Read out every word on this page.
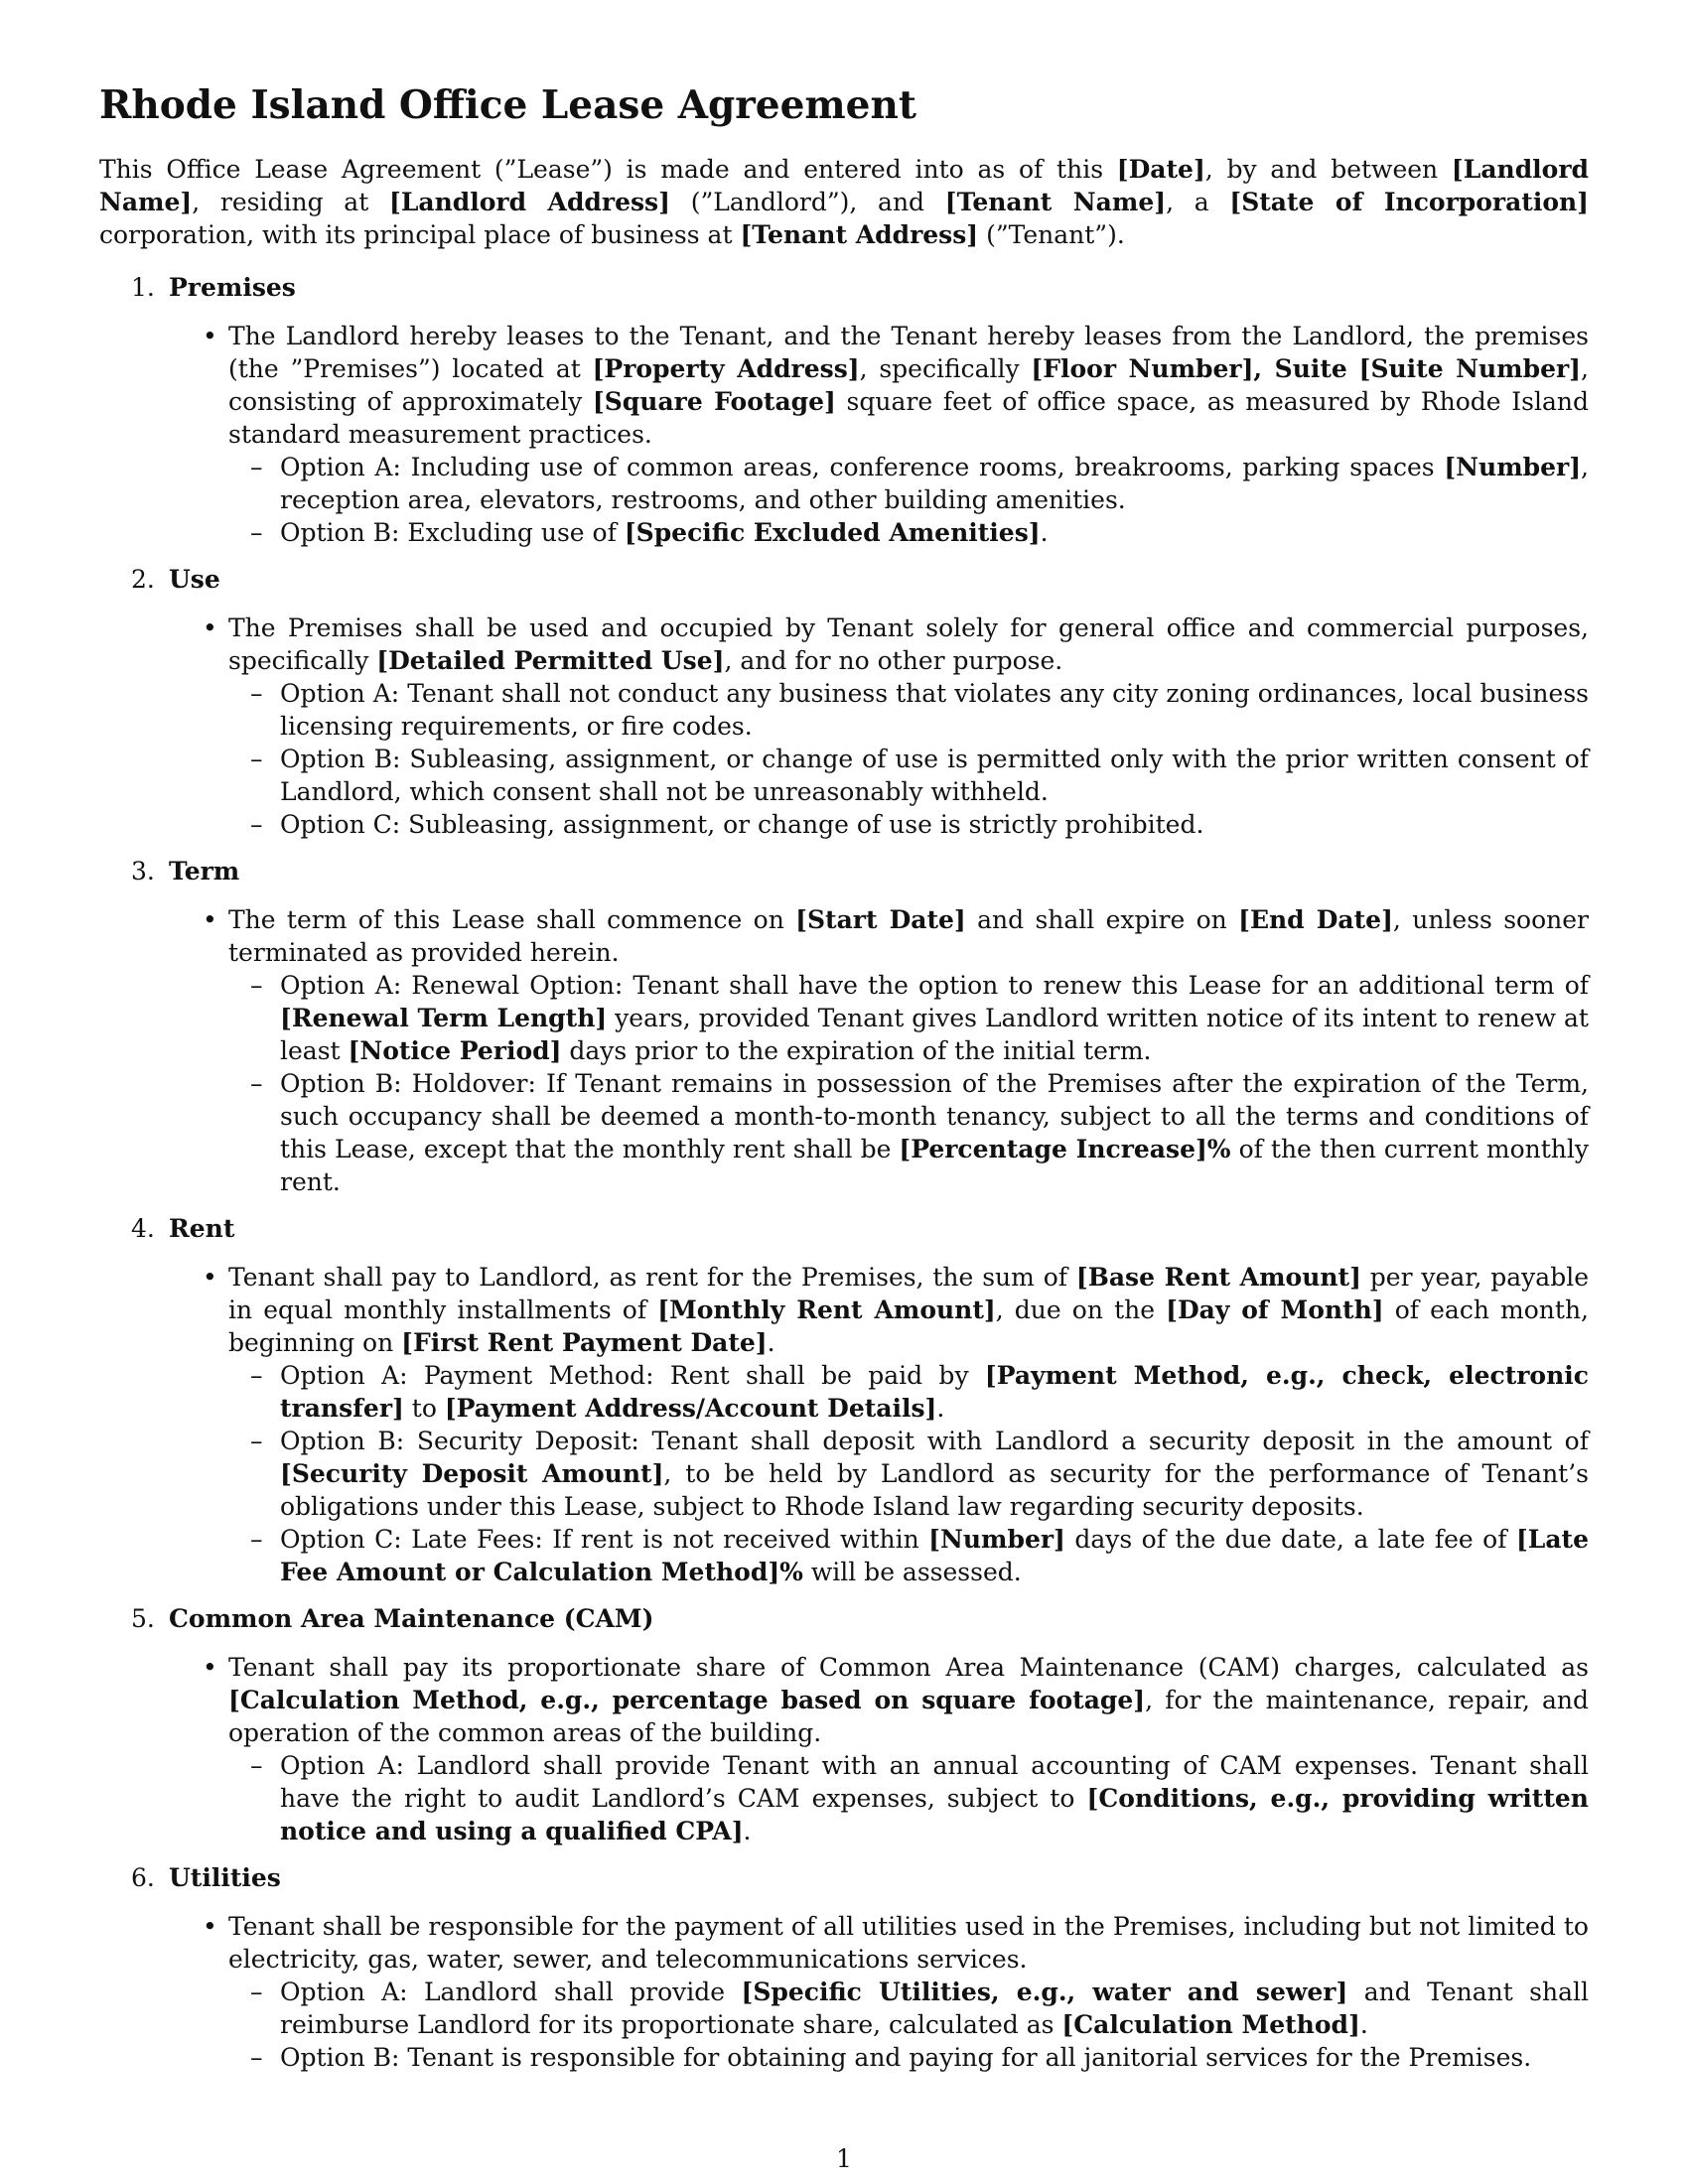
Rhode Island Office Lease Agreement

This Office Lease Agreement (”Lease”) is made and entered into as of this [Date], by and between [Landlord Name], residing at [Landlord Address] (”Landlord”), and [Tenant Name], a [State of Incorporation] corporation, with its principal place of business at [Tenant Address] (”Tenant”).

1. Premises
• The Landlord hereby leases to the Tenant, and the Tenant hereby leases from the Landlord, the premises (the ”Premises”) located at [Property Address], specifically [Floor Number], Suite [Suite Number], consisting of approximately [Square Footage] square feet of office space, as measured by Rhode Island standard measurement practices.
– Option A: Including use of common areas, conference rooms, breakrooms, parking spaces [Number], reception area, elevators, restrooms, and other building amenities.
– Option B: Excluding use of [Specific Excluded Amenities].
2. Use
• The Premises shall be used and occupied by Tenant solely for general office and commercial purposes, specifically [Detailed Permitted Use], and for no other purpose.
– Option A: Tenant shall not conduct any business that violates any city zoning ordinances, local business licensing requirements, or fire codes.
– Option B: Subleasing, assignment, or change of use is permitted only with the prior written consent of Landlord, which consent shall not be unreasonably withheld.
– Option C: Subleasing, assignment, or change of use is strictly prohibited.
3. Term
• The term of this Lease shall commence on [Start Date] and shall expire on [End Date], unless sooner terminated as provided herein.
– Option A: Renewal Option: Tenant shall have the option to renew this Lease for an additional term of [Renewal Term Length] years, provided Tenant gives Landlord written notice of its intent to renew at least [Notice Period] days prior to the expiration of the initial term.
– Option B: Holdover: If Tenant remains in possession of the Premises after the expiration of the Term, such occupancy shall be deemed a month-to-month tenancy, subject to all the terms and conditions of this Lease, except that the monthly rent shall be [Percentage Increase]% of the then current monthly rent.
4. Rent
• Tenant shall pay to Landlord, as rent for the Premises, the sum of [Base Rent Amount] per year, payable in equal monthly installments of [Monthly Rent Amount], due on the [Day of Month] of each month, beginning on [First Rent Payment Date].
– Option A: Payment Method: Rent shall be paid by [Payment Method, e.g., check, electronic transfer] to [Payment Address/Account Details].
– Option B: Security Deposit: Tenant shall deposit with Landlord a security deposit in the amount of [Security Deposit Amount], to be held by Landlord as security for the performance of Tenant’s obligations under this Lease, subject to Rhode Island law regarding security deposits.
– Option C: Late Fees: If rent is not received within [Number] days of the due date, a late fee of [Late Fee Amount or Calculation Method]% will be assessed.
5. Common Area Maintenance (CAM)
• Tenant shall pay its proportionate share of Common Area Maintenance (CAM) charges, calculated as [Calculation Method, e.g., percentage based on square footage], for the maintenance, repair, and operation of the common areas of the building.
– Option A: Landlord shall provide Tenant with an annual accounting of CAM expenses. Tenant shall have the right to audit Landlord’s CAM expenses, subject to [Conditions, e.g., providing written notice and using a qualified CPA].
6. Utilities
• Tenant shall be responsible for the payment of all utilities used in the Premises, including but not limited to electricity, gas, water, sewer, and telecommunications services.
– Option A: Landlord shall provide [Specific Utilities, e.g., water and sewer] and Tenant shall reimburse Landlord for its proportionate share, calculated as [Calculation Method].
– Option B: Tenant is responsible for obtaining and paying for all janitorial services for the Premises.
1
